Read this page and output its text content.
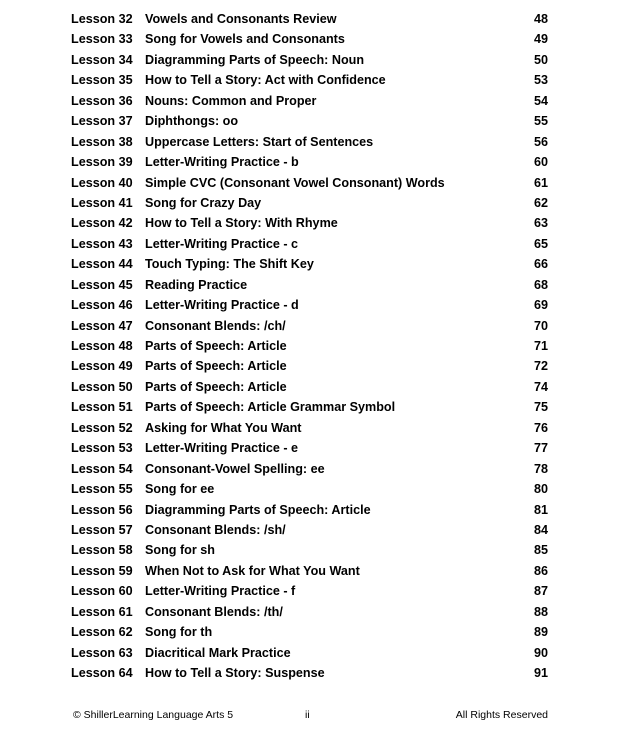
Lesson 32 Vowels and Consonants Review	48
Lesson 33 Song for Vowels and Consonants	49
Lesson 34 Diagramming Parts of Speech: Noun	50
Lesson 35 How to Tell a Story: Act with Confidence	53
Lesson 36 Nouns: Common and Proper	54
Lesson 37 Diphthongs: oo	55
Lesson 38 Uppercase Letters: Start of Sentences	56
Lesson 39 Letter-Writing Practice - b	60
Lesson 40 Simple CVC (Consonant Vowel Consonant) Words	61
Lesson 41 Song for Crazy Day	62
Lesson 42 How to Tell a Story: With Rhyme	63
Lesson 43 Letter-Writing Practice - c	65
Lesson 44 Touch Typing: The Shift Key	66
Lesson 45 Reading Practice	68
Lesson 46 Letter-Writing Practice - d	69
Lesson 47 Consonant Blends: /ch/	70
Lesson 48 Parts of Speech: Article	71
Lesson 49 Parts of Speech: Article	72
Lesson 50 Parts of Speech: Article	74
Lesson 51 Parts of Speech: Article Grammar Symbol	75
Lesson 52 Asking for What You Want	76
Lesson 53 Letter-Writing Practice - e	77
Lesson 54 Consonant-Vowel Spelling: ee	78
Lesson 55 Song for ee	80
Lesson 56 Diagramming Parts of Speech: Article	81
Lesson 57 Consonant Blends: /sh/	84
Lesson 58 Song for sh	85
Lesson 59 When Not to Ask for What You Want	86
Lesson 60 Letter-Writing Practice - f	87
Lesson 61 Consonant Blends: /th/	88
Lesson 62 Song for th	89
Lesson 63 Diacritical Mark Practice	90
Lesson 64 How to Tell a Story: Suspense	91
© ShillerLearning Language Arts 5	ii	All Rights Reserved
